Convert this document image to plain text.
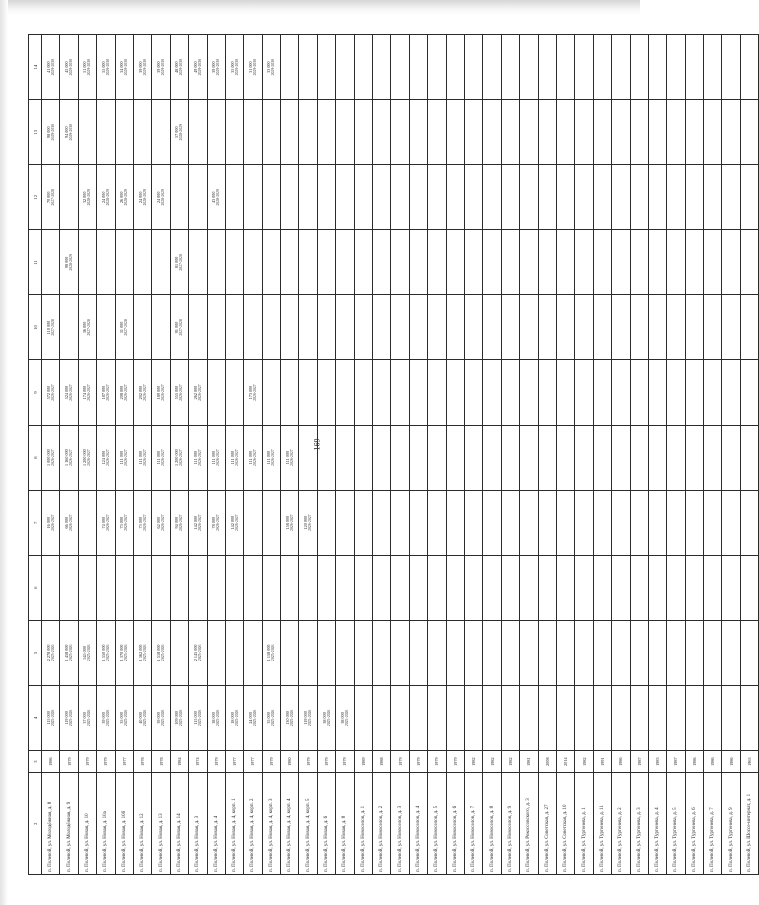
169
2	3	4	5	6	7	8	9	10	11	12	13	14
п. Полевой, ул. Молодёжная, д. 8	1986	115 000 2025-2026	2 278 000 2025-2026		16 000 2026-2027	1 000 000 2026-2027	572 000 2026-2027	110 000 2027-2028		70 000 2027-2028	98 000 2029-2030	41 000 2029-2030

п. Полевой, ул. Молодёжная, д. 9	1979	119 000 2025-2026	1 458 000 2025-2026		66 000 2026-2027	1 160 000 2026-2027	524 000 2026-2027		98 000 2028-2029		94 000 2029-2030	45 000 2029-2030

п. Полевой, ул. Новая, д. 10	1979	37 000 2025-2026	545 000 2025-2026			1 200 000 2026-2027	174 000 2026-2027	36 000 2027-2028		32 000 2028-2029		51 000 2029-2030

п. Полевой, ул. Новая, д. 10а	1979	39 000 2025-2026	1 550 000 2025-2026		74 000 2026-2027	124 000 2026-2027	187 000 2026-2027			24 000 2028-2029		55 000 2029-2030

п. Полевой, ул. Новая, д. 10б	1977	35 000 2025-2026	1 370 000 2025-2026		73 000 2026-2027	111 000 2026-2027	208 000 2026-2027	31 000 2027-2028		26 000 2028-2029		34 000 2029-2030

п. Полевой, ул. Новая, д. 12	1978	40 000 2025-2026	1 562 000 2025-2026		73 000 2026-2027	111 000 2026-2027	202 000 2026-2027			24 000 2028-2029		39 000 2029-2030

п. Полевой, ул. Новая, д. 13	1978	39 000 2025-2026	1 518 000 2025-2026		62 000 2026-2027	111 000 2026-2027	189 000 2026-2027			24 000 2028-2029		39 000 2029-2030

п. Полевой, ул. Новая, д. 14	1984	109 000 2025-2026			94 000 2026-2027	1 200 000 2026-2027	555 000 2026-2027	91 000 2027-2028	81 000 2027-2028		57 000 2028-2029	48 000 2029-2030

п. Полевой, ул. Новая, д. 3	1974	115 000 2025-2026	2 145 000 2025-2026		142 000 2026-2027	111 000 2026-2027	262 000 2026-2027					49 000 2029-2030

п. Полевой, ул. Новая, д. 4	1979	38 000 2025-2026			78 000 2026-2027	111 000 2026-2027				43 000 2028-2029		39 000 2029-2030

п. Полевой, ул. Новая, д. 4, корп. 1	1977	18 000 2025-2026			142 000 2026-2027	111 000 2026-2027						35 000 2029-2030

п. Полевой, ул. Новая, д. 4, корп. 2	1977	24 000 2025-2026				111 000 2026-2027	173 000 2026-2027					31 000 2029-2030

п. Полевой, ул. Новая, д. 4, корп. 3	1979	35 000 2025-2026	1 158 000 2025-2026			111 000 2026-2027						33 000 2029-2030

п. Полевой, ул. Новая, д. 4, корп. 4	1980	130 000 2025-2026			158 000 2026-2027	111 000 2026-2027						

п. Полевой, ул. Новая, д. 4, корп. 5	1979	119 000 2025-2026			120 000 2026-2027							

п. Полевой, ул. Новая, д. 6	1979	38 000 2025-2026										

п. Полевой, ул. Новая, д. 8	1979	38 000 2025-2026										

п. Полевой, ул. Новоселов, д. 1	1989	

п. Полевой, ул. Новоселов, д. 2	1988	

п. Полевой, ул. Новоселов, д. 3	1979	

п. Полевой, ул. Новоселов, д. 4	1979	

п. Полевой, ул. Новоселов, д. 5	1979	

п. Полевой, ул. Новоселов, д. 6	1979	

п. Полевой, ул. Новоселов, д. 7	1982	

п. Полевой, ул. Новоселов, д. 8	1982	

п. Полевой, ул. Новоселов, д. 9	1982	

п. Полевой, ул. Рокоссовского, д. 3	1981	

п. Полевой, ул. Советская, д. 27	2008	

п. Полевой, ул. Советская, д. 10	2014	

п. Полевой, ул. Тургенева, д. 1	1982	

п. Полевой, ул. Тургенева, д. 11	1991	

п. Полевой, ул. Тургенева, д. 2	1986	

п. Полевой, ул. Тургенева, д. 3	1987	

п. Полевой, ул. Тургенева, д. 4	1983	

п. Полевой, ул. Тургенева, д. 5	1987	

п. Полевой, ул. Тургенева, д. 6	1986	

п. Полевой, ул. Тургенева, д. 7	1986	

п. Полевой, ул. Тургенева, д. 9	1986	

п. Полевой, ул. Шоссе-интернат, д. 1	1963	
